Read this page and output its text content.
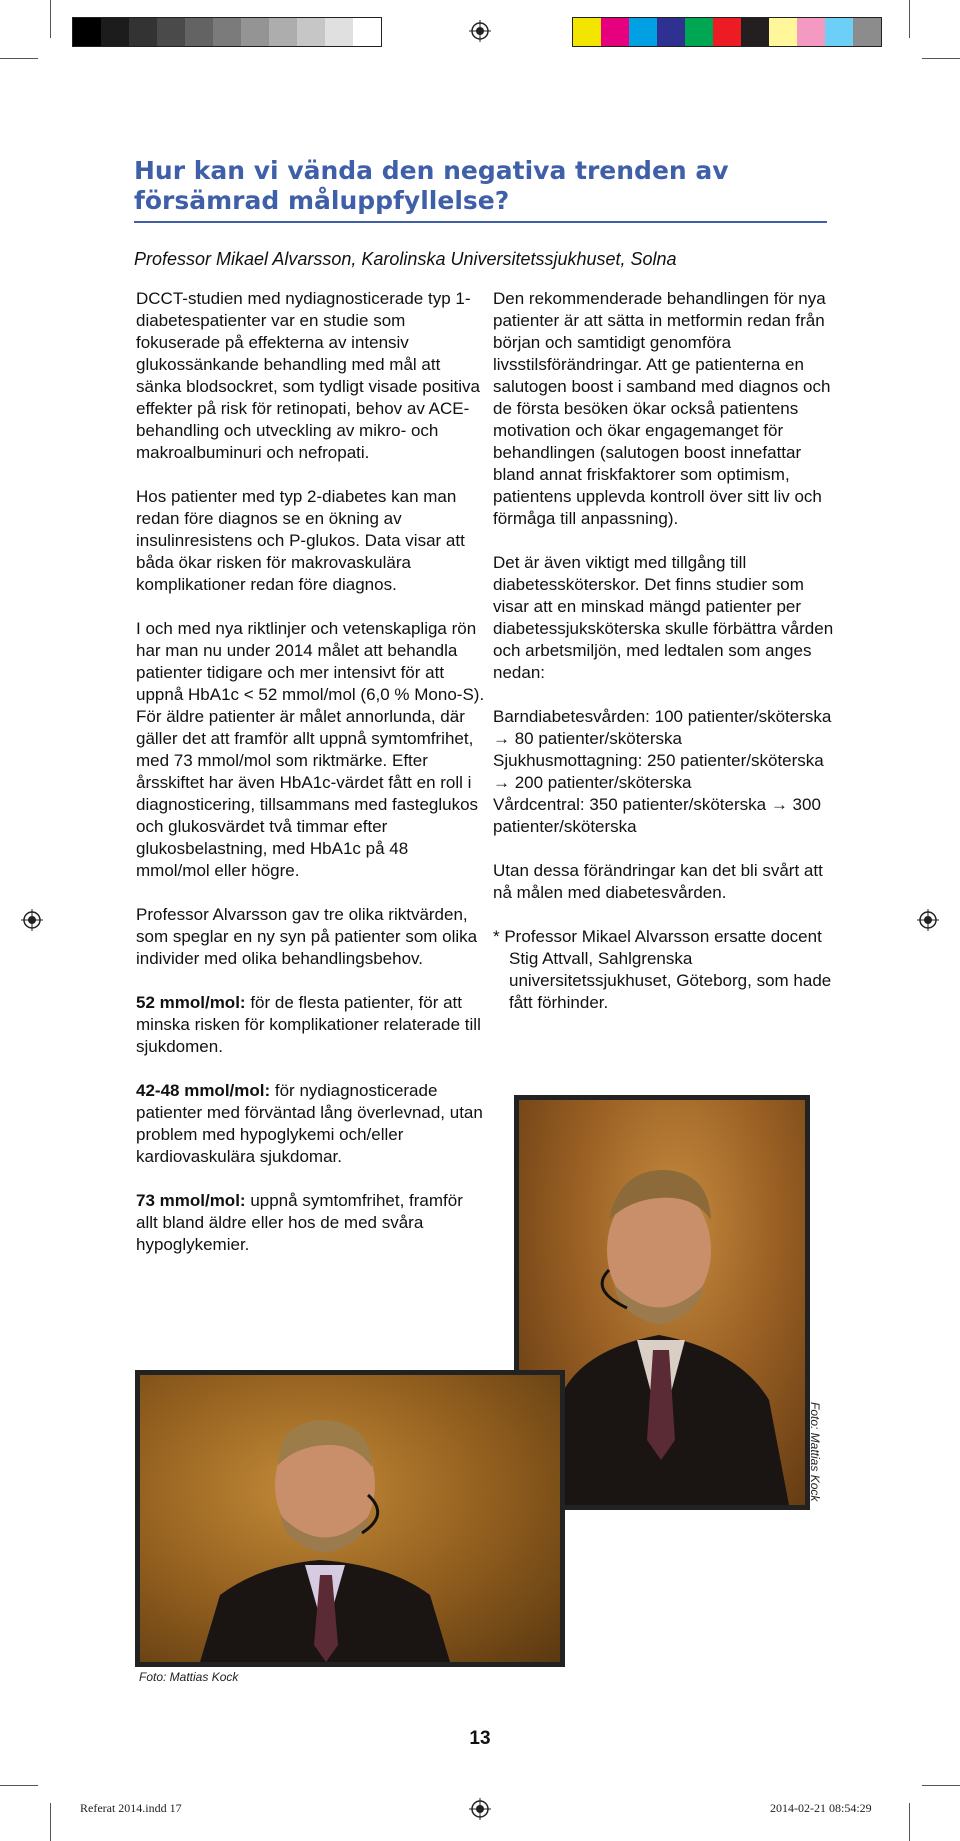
Hur kan vi vända den negativa trenden av försämrad måluppfyllelse?
Professor Mikael Alvarsson, Karolinska Universitetssjukhuset, Solna

DCCT-studien med nydiagnosticerade typ 1-diabetespatienter var en studie som fokuserade på effekterna av intensiv glukossänkande behandling med mål att sänka blodsockret, som tydligt visade positiva effekter på risk för retinopati, behov av ACE-behandling och utveckling av mikro- och makroalbuminuri och nefropati.

Hos patienter med typ 2-diabetes kan man redan före diagnos se en ökning av insulinresistens och P-glukos. Data visar att båda ökar risken för makrovaskulära komplikationer redan före diagnos.

I och med nya riktlinjer och vetenskapliga rön har man nu under 2014 målet att behandla patienter tidigare och mer intensivt för att uppnå HbA1c < 52 mmol/mol (6,0 % Mono-S). För äldre patienter är målet annorlunda, där gäller det att framför allt uppnå symtomfrihet, med 73 mmol/mol som riktmärke. Efter årsskiftet har även HbA1c-värdet fått en roll i diagnosticering, tillsammans med fasteglukos och glukosvärdet två timmar efter glukosbelastning, med HbA1c på 48 mmol/mol eller högre.

Professor Alvarsson gav tre olika riktvärden, som speglar en ny syn på patienter som olika individer med olika behandlingsbehov.

52 mmol/mol: för de flesta patienter, för att minska risken för komplikationer relaterade till sjukdomen.

42-48 mmol/mol: för nydiagnosticerade patienter med förväntad lång överlevnad, utan problem med hypoglykemi och/eller kardiovaskulära sjukdomar.

73 mmol/mol: uppnå symtomfrihet, framför allt bland äldre eller hos de med svåra hypoglykemier.

Den rekommenderade behandlingen för nya patienter är att sätta in metformin redan från början och samtidigt genomföra livsstilsförändringar. Att ge patienterna en salutogen boost i samband med diagnos och de första besöken ökar också patientens motivation och ökar engagemanget för behandlingen (salutogen boost innefattar bland annat friskfaktorer som optimism, patientens upplevda kontroll över sitt liv och förmåga till anpassning).

Det är även viktigt med tillgång till diabetessköterskor. Det finns studier som visar att en minskad mängd patienter per diabetessjuksköterska skulle förbättra vården och arbetsmiljön, med ledtalen som anges nedan:

Barndiabetesvården: 100 patienter/sköterska → 80 patienter/sköterska
Sjukhusmottagning: 250 patienter/sköterska → 200 patienter/sköterska
Vårdcentral: 350 patienter/sköterska → 300 patienter/sköterska

Utan dessa förändringar kan det bli svårt att nå målen med diabetesvården.

* Professor Mikael Alvarsson ersatte docent Stig Attvall, Sahlgrenska universitetssjukhuset, Göteborg, som hade fått förhinder.

Foto: Mattias Kock
Foto: Mattias Kock
13
Referat 2014.indd 17	2014-02-21 08:54:29
